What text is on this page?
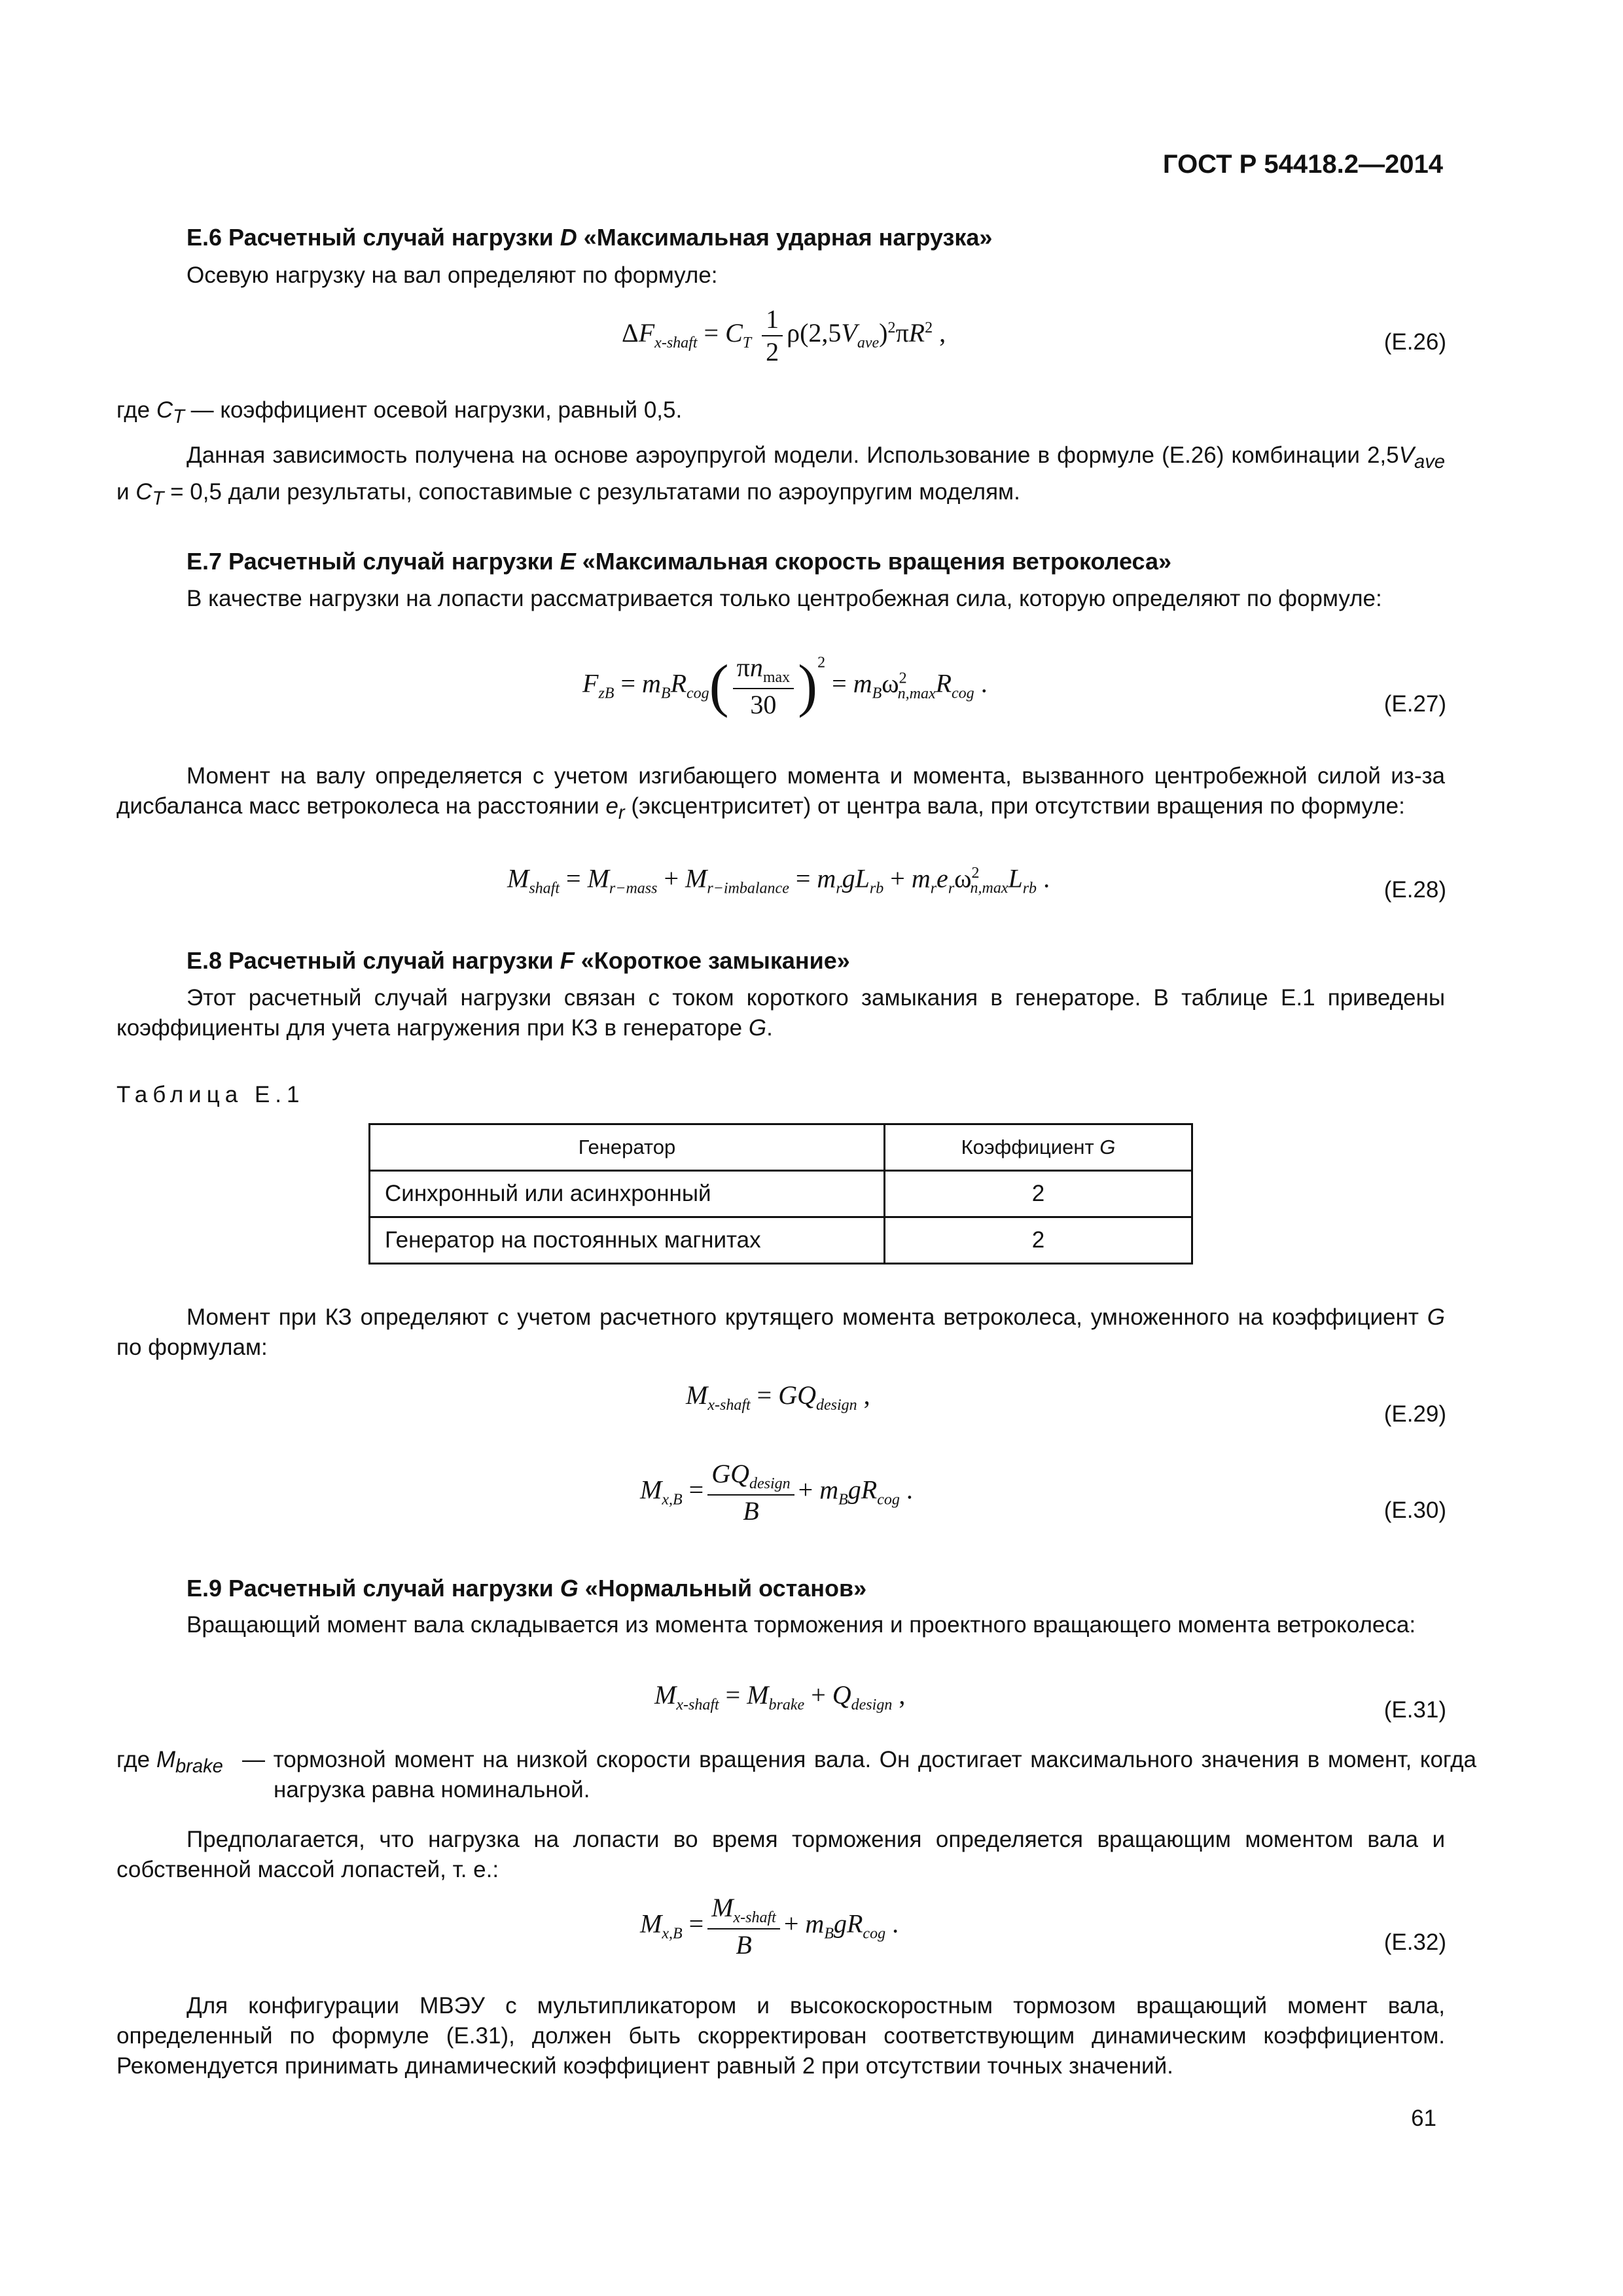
ГОСТ Р 54418.2—2014
Е.6 Расчетный случай нагрузки D «Максимальная ударная нагрузка»
Осевую нагрузку на вал определяют по формуле:
$\Delta F_{x-shaft} = C_T \frac{1}{2} \rho(2,5V_{ave})^2\pi R^2$ ,	(Е.26)
где $C_T$ — коэффициент осевой нагрузки, равный 0,5.
Данная зависимость получена на основе аэроупругой модели. Использование в формуле (Е.26) комбинации $2,5V_{ave}$ и $C_T = 0,5$ дали результаты, сопоставимые с результатами по аэроупругим моделям.
Е.7 Расчетный случай нагрузки E «Максимальная скорость вращения ветроколеса»
В качестве нагрузки на лопасти рассматривается только центробежная сила, которую определяют по формуле:
$F_{zB} = m_BR_{cog}( \frac{\pi n_{max}}{30} )^2 = m_B\omega^2_{n,max}R_{cog}$ .
(Е.27)
Момент на валу определяется с учетом изгибающего момента и момента, вызванного центробежной силой из-за дисбаланса масс ветроколеса на расстоянии $e_r$ (эксцентриситет) от центра вала, при отсутствии вращения по формуле:
$M_{shaft} = M_{r-mass} + M_{r-imbalance} = m_rgL_{rb} + m_re_r\omega^2_{n,max}L_{rb}$ .	(Е.28)
Е.8 Расчетный случай нагрузки F «Короткое замыкание»
Этот расчетный случай нагрузки связан с током короткого замыкания в генераторе. В таблице Е.1 приведены коэффициенты для учета нагружения при КЗ в генераторе G.
Таблица Е.1
Генератор	Коэффициент G
Синхронный или асинхронный	2
Генератор на постоянных магнитах	2
Момент при КЗ определяют с учетом расчетного крутящего момента ветроколеса, умноженного на коэффициент G по формулам:
$M_{x-shaft} = GQ_{design}$ ,
(Е.29)
$M_{x,B} = \frac{GQ_{design}}{B} + m_BgR_{cog}$ .
(Е.30)
Е.9 Расчетный случай нагрузки G «Нормальный останов»
Вращающий момент вала складывается из момента торможения и проектного вращающего момента ветроколеса:
$M_{x-shaft} = M_{brake} + Q_{design}$ ,
(Е.31)
где $M_{brake}$ — тормозной момент на низкой скорости вращения вала. Он достигает максимального значения в момент, когда нагрузка равна номинальной.
Предполагается, что нагрузка на лопасти во время торможения определяется вращающим моментом вала и собственной массой лопастей, т. е.:
$M_{x,B} = \frac{M_{x-shaft}}{B} + m_BgR_{cog}$ .
(Е.32)
Для конфигурации МВЭУ с мультипликатором и высокоскоростным тормозом вращающий момент вала, определенный по формуле (Е.31), должен быть скорректирован соответствующим динамическим коэффициентом. Рекомендуется принимать динамический коэффициент равный 2 при отсутствии точных значений.
61
